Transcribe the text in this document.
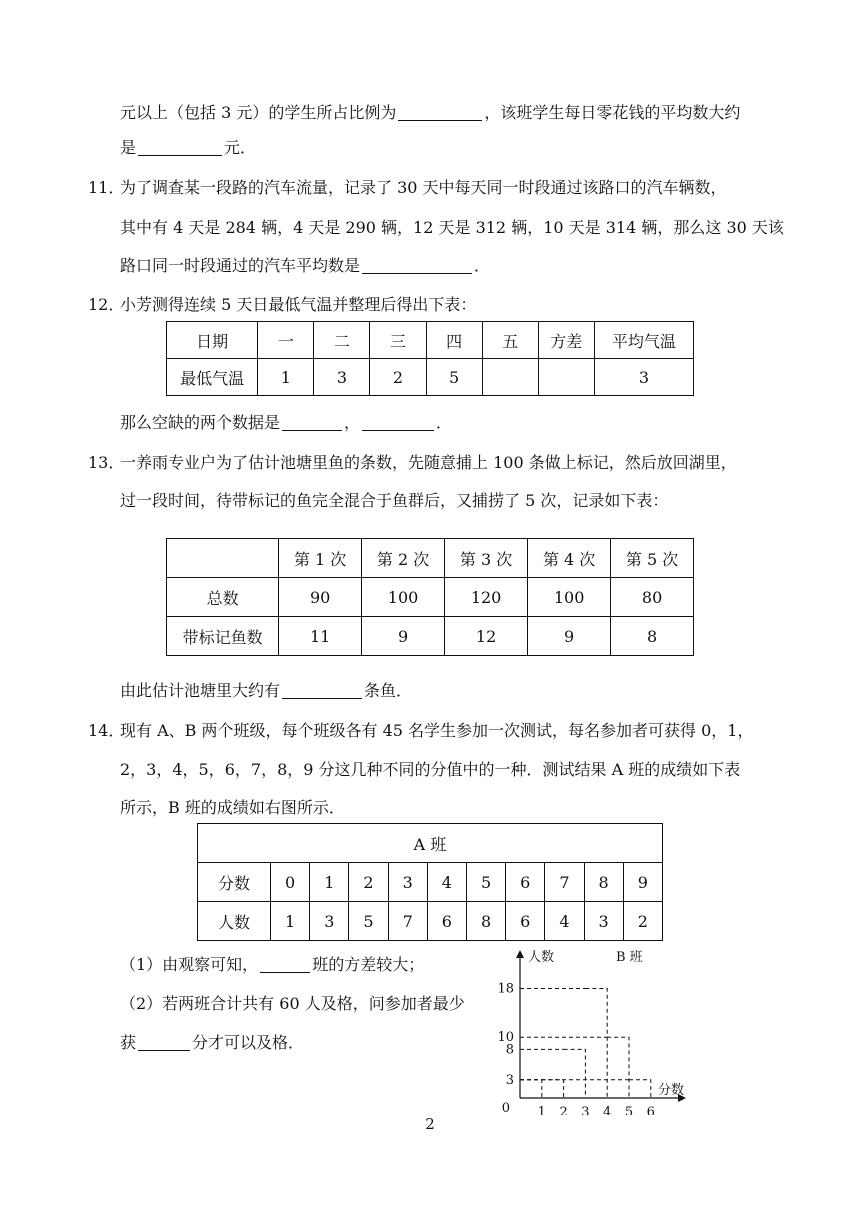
元以上（包括 3 元）的学生所占比例为	，该班学生每日零花钱的平均数大约
是	元．
11．
为了调查某一段路的汽车流量，记录了 30 天中每天同一时段通过该路口的汽车辆数，
其中有 4 天是 284 辆，4 天是 290 辆，12 天是 312 辆，10 天是 314 辆，那么这 30 天该
路口同一时段通过的汽车平均数是	．
12．
小芳测得连续 5 天日最低气温并整理后得出下表：
日期	一	二	三	四	五	方差	平均气温
最低气温	1	3	2	5			3
那么空缺的两个数据是	，	．
13．
一养雨专业户为了估计池塘里鱼的条数，先随意捕上 100 条做上标记，然后放回湖里，
过一段时间，待带标记的鱼完全混合于鱼群后，又捕捞了 5 次，记录如下表：
	第 1 次	第 2 次	第 3 次	第 4 次	第 5 次
总数	90	100	120	100	80
带标记鱼数	11	9	12	9	8
由此估计池塘里大约有	条鱼．
14．
现有 A、B 两个班级，每个班级各有 45 名学生参加一次测试，每名参加者可获得 0，1，
2，3，4，5，6，7，8，9 分这几种不同的分值中的一种．测试结果 A 班的成绩如下表
所示，B 班的成绩如右图所示．
A 班										
分数	0	1	2	3	4	5	6	7	8	9
人数	1	3	5	7	6	8	6	4	3	2
（1）由观察可知，	班的方差较大；
（2）若两班合计共有 60 人及格，问参加者最少
获	分才可以及格．
1 2 3 4 5 6
3
8
10
18
0
人数	B 班
分数
2
